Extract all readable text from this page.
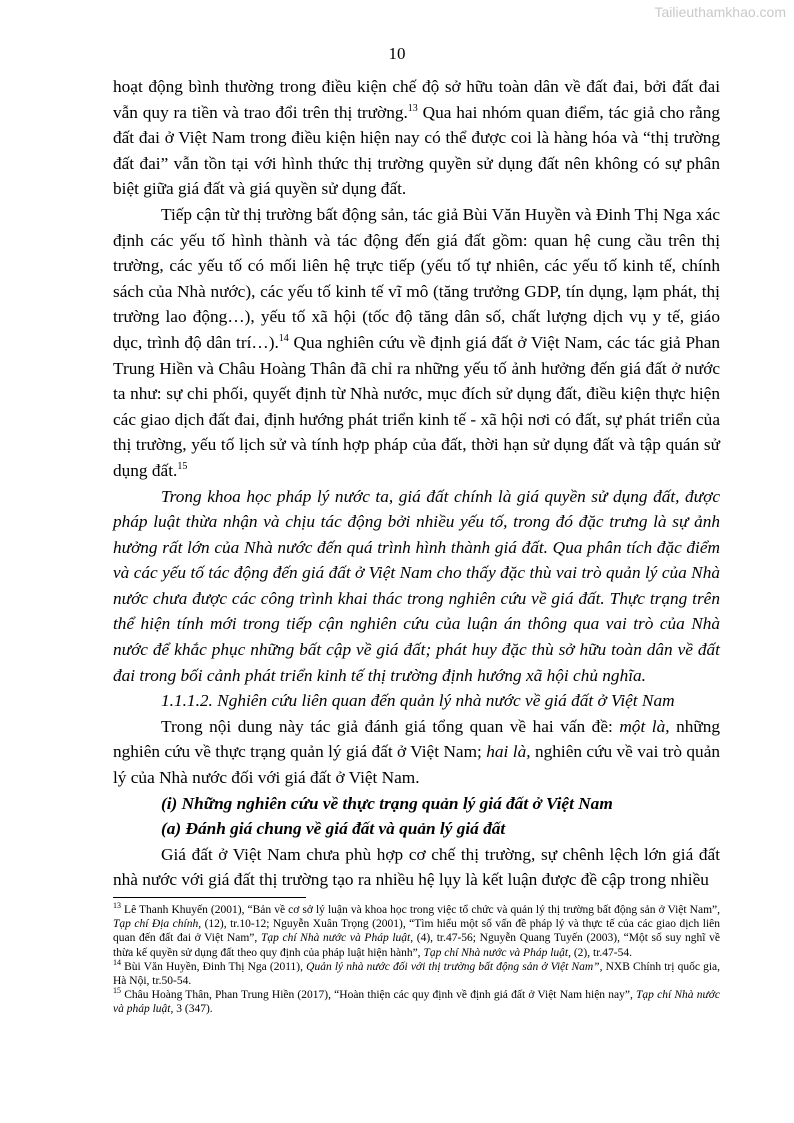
Tailieuthamkhao.com
10

hoạt động bình thường trong điều kiện chế độ sở hữu toàn dân về đất đai, bởi đất đai vẫn quy ra tiền và trao đổi trên thị trường.$^{13}$ Qua hai nhóm quan điểm, tác giả cho rằng đất đai ở Việt Nam trong điều kiện hiện nay có thể được coi là hàng hóa và “thị trường đất đai” vẫn tồn tại với hình thức thị trường quyền sử dụng đất nên không có sự phân biệt giữa giá đất và giá quyền sử dụng đất.

Tiếp cận từ thị trường bất động sản, tác giả Bùi Văn Huyền và Đinh Thị Nga xác định các yếu tố hình thành và tác động đến giá đất gồm: quan hệ cung cầu trên thị trường, các yếu tố có mối liên hệ trực tiếp (yếu tố tự nhiên, các yếu tố kinh tế, chính sách của Nhà nước), các yếu tố kinh tế vĩ mô (tăng trưởng GDP, tín dụng, lạm phát, thị trường lao động…), yếu tố xã hội (tốc độ tăng dân số, chất lượng dịch vụ y tế, giáo dục, trình độ dân trí…).$^{14}$ Qua nghiên cứu về định giá đất ở Việt Nam, các tác giả Phan Trung Hiền và Châu Hoàng Thân đã chỉ ra những yếu tố ảnh hưởng đến giá đất ở nước ta như: sự chi phối, quyết định từ Nhà nước, mục đích sử dụng đất, điều kiện thực hiện các giao dịch đất đai, định hướng phát triển kinh tế - xã hội nơi có đất, sự phát triển của thị trường, yếu tố lịch sử và tính hợp pháp của đất, thời hạn sử dụng đất và tập quán sử dụng đất.$^{15}$

Trong khoa học pháp lý nước ta, giá đất chính là giá quyền sử dụng đất, được pháp luật thừa nhận và chịu tác động bởi nhiều yếu tố, trong đó đặc trưng là sự ảnh hưởng rất lớn của Nhà nước đến quá trình hình thành giá đất. Qua phân tích đặc điểm và các yếu tố tác động đến giá đất ở Việt Nam cho thấy đặc thù vai trò quản lý của Nhà nước chưa được các công trình khai thác trong nghiên cứu về giá đất. Thực trạng trên thể hiện tính mới trong tiếp cận nghiên cứu của luận án thông qua vai trò của Nhà nước để khắc phục những bất cập về giá đất; phát huy đặc thù sở hữu toàn dân về đất đai trong bối cảnh phát triển kinh tế thị trường định hướng xã hội chủ nghĩa.

1.1.1.2. Nghiên cứu liên quan đến quản lý nhà nước về giá đất ở Việt Nam

Trong nội dung này tác giả đánh giá tổng quan về hai vấn đề: một là, những nghiên cứu về thực trạng quản lý giá đất ở Việt Nam; hai là, nghiên cứu về vai trò quản lý của Nhà nước đối với giá đất ở Việt Nam.

(i) Những nghiên cứu về thực trạng quản lý giá đất ở Việt Nam

(a) Đánh giá chung về giá đất và quản lý giá đất

Giá đất ở Việt Nam chưa phù hợp cơ chế thị trường, sự chênh lệch lớn giá đất nhà nước với giá đất thị trường tạo ra nhiều hệ lụy là kết luận được đề cập trong nhiều

$^{13}$ Lê Thanh Khuyến (2001), “Bản về cơ sở lý luận và khoa học trong việc tổ chức và quản lý thị trường bất động sản ở Việt Nam”, Tạp chí Địa chính, (12), tr.10-12; Nguyễn Xuân Trọng (2001), “Tìm hiểu một số vấn đề pháp lý và thực tế của các giao dịch liên quan đến đất đai ở Việt Nam”, Tạp chí Nhà nước và Pháp luật, (4), tr.47-56; Nguyễn Quang Tuyến (2003), “Một số suy nghĩ về thừa kế quyền sử dụng đất theo quy định của pháp luật hiện hành”, Tạp chí Nhà nước và Pháp luật, (2), tr.47-54.

$^{14}$ Bùi Văn Huyền, Đinh Thị Nga (2011), Quản lý nhà nước đối với thị trường bất động sản ở Việt Nam”, NXB Chính trị quốc gia, Hà Nội, tr.50-54.

$^{15}$ Châu Hoàng Thân, Phan Trung Hiền (2017), “Hoàn thiện các quy định về định giá đất ở Việt Nam hiện nay”, Tạp chí Nhà nước và pháp luật, 3 (347).
